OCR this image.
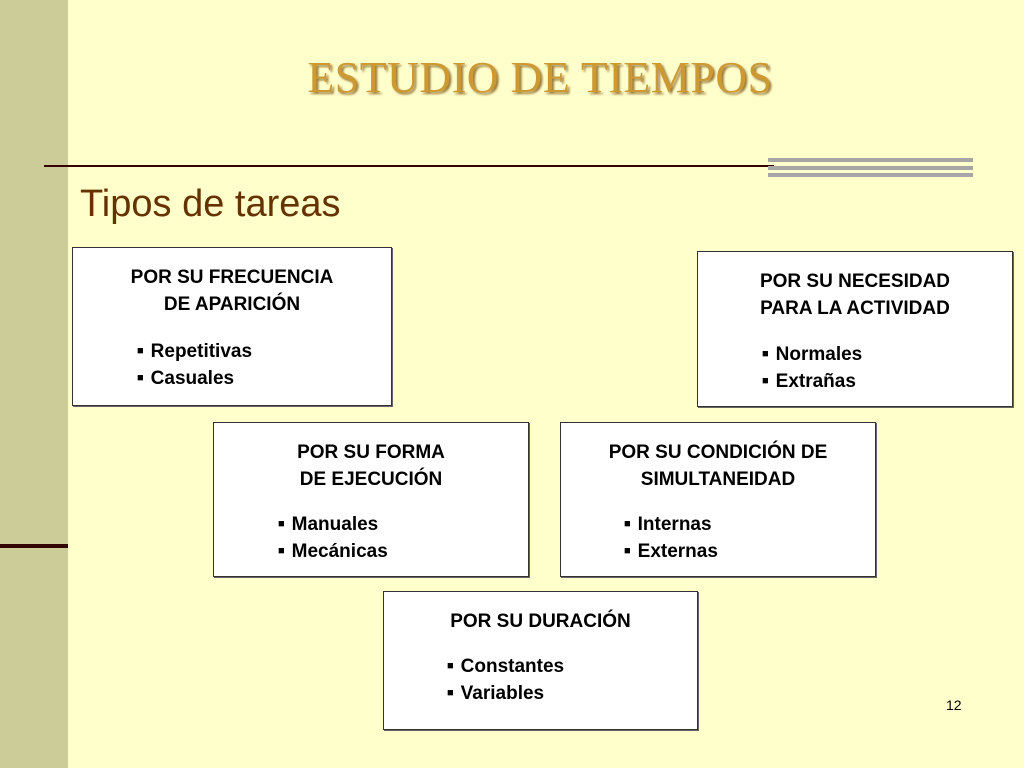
ESTUDIO DE TIEMPOS
Tipos de tareas
POR SU FRECUENCIA
DE APARICIÓN
■ Repetitivas
■ Casuales
POR SU NECESIDAD
PARA LA ACTIVIDAD
■ Normales
■ Extrañas
POR SU FORMA
DE EJECUCIÓN
■ Manuales
■ Mecánicas
POR SU CONDICIÓN DE
SIMULTANEIDAD
■ Internas
■ Externas
POR SU DURACIÓN
■ Constantes
■ Variables
12
